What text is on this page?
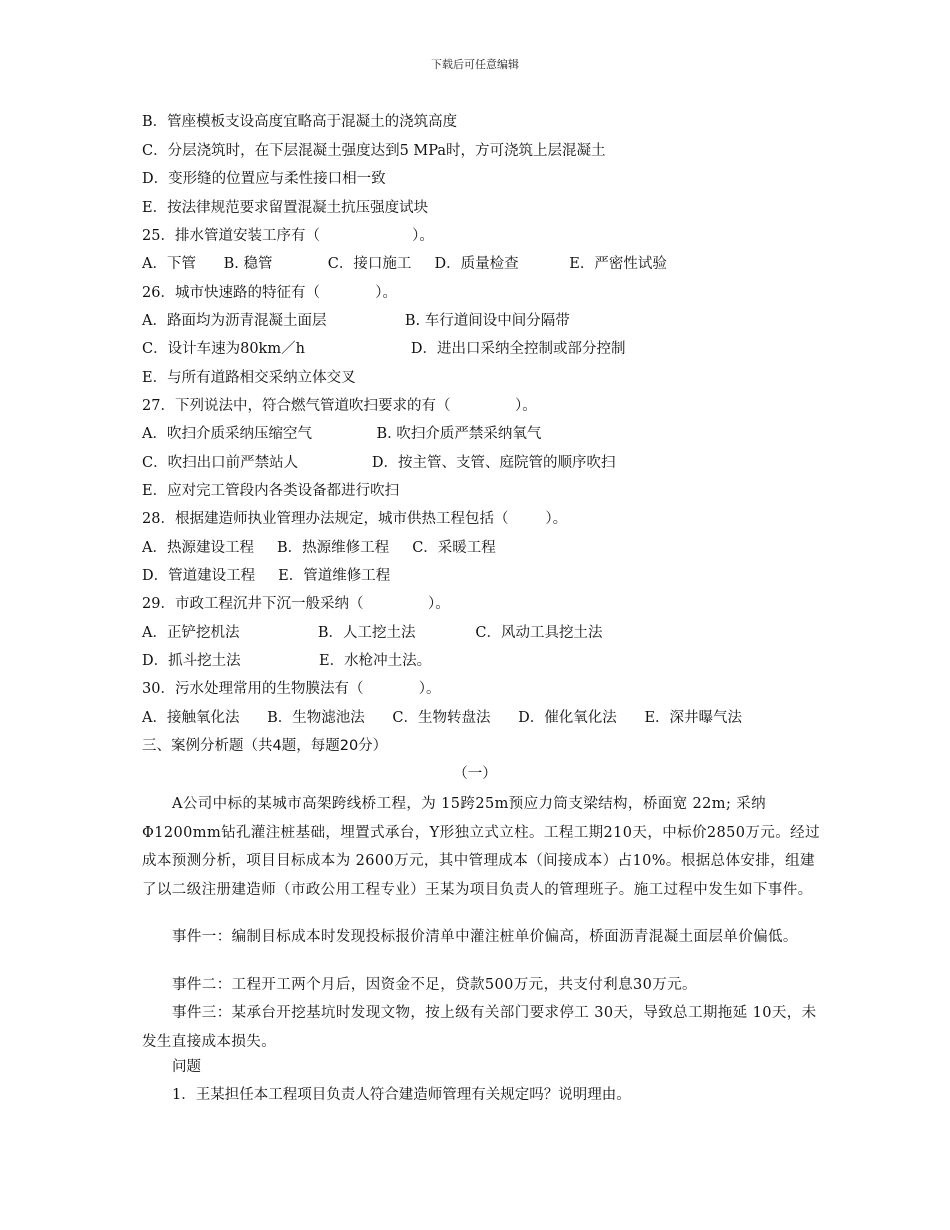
下载后可任意编辑
B．管座模板支设高度宜略高于混凝土的浇筑高度
C．分层浇筑时，在下层混凝土强度达到5 MPa时，方可浇筑上层混凝土
D．变形缝的位置应与柔性接口相一致
E．按法律规范要求留置混凝土抗压强度试块
25．排水管道安装工序有（                    ）。
A．下管      B. 稳管            C．接口施工     D．质量检查           E．严密性试验
26．城市快速路的特征有（            ）。
A．路面均为沥青混凝土面层                 B. 车行道间设中间分隔带
C．设计车速为80km／h                       D．进出口采纳全控制或部分控制
E．与所有道路相交采纳立体交叉
27．下列说法中，符合燃气管道吹扫要求的有（              ）。
A．吹扫介质采纳压缩空气              B. 吹扫介质严禁采纳氧气
C．吹扫出口前严禁站人                D．按主管、支管、庭院管的顺序吹扫
E．应对完工管段内各类设备都进行吹扫
28．根据建造师执业管理办法规定，城市供热工程包括（        ）。
A．热源建设工程     B．热源维修工程     C．采暖工程
D．管道建设工程     E．管道维修工程
29．市政工程沉井下沉一般采纳（              ）。
A．正铲挖机法                 B．人工挖土法             C．风动工具挖土法
D．抓斗挖土法                 E．水枪冲土法。
30．污水处理常用的生物膜法有（            ）。
A．接触氧化法      B．生物滤池法      C．生物转盘法      D．催化氧化法      E．深井曝气法
三、案例分析题（共4题，每题20分）
（一）
A公司中标的某城市高架跨线桥工程，为 15跨25m预应力筒支梁结构，桥面宽 22m; 采纳Φ1200mm钻孔灌注桩基础，埋置式承台，Y形独立式立柱。工程工期210天，中标价2850万元。经过成本预测分析，项目目标成本为 2600万元，其中管理成本（间接成本）占10%。根据总体安排，组建了以二级注册建造师（市政公用工程专业）王某为项目负责人的管理班子。施工过程中发生如下事件。
事件一：编制目标成本时发现投标报价清单中灌注桩单价偏高，桥面沥青混凝土面层单价偏低。
事件二：工程开工两个月后，因资金不足，贷款500万元，共支付利息30万元。
事件三：某承台开挖基坑时发现文物，按上级有关部门要求停工 30天，导致总工期拖延 10天，未发生直接成本损失。
问题
1．王某担任本工程项目负责人符合建造师管理有关规定吗？说明理由。
